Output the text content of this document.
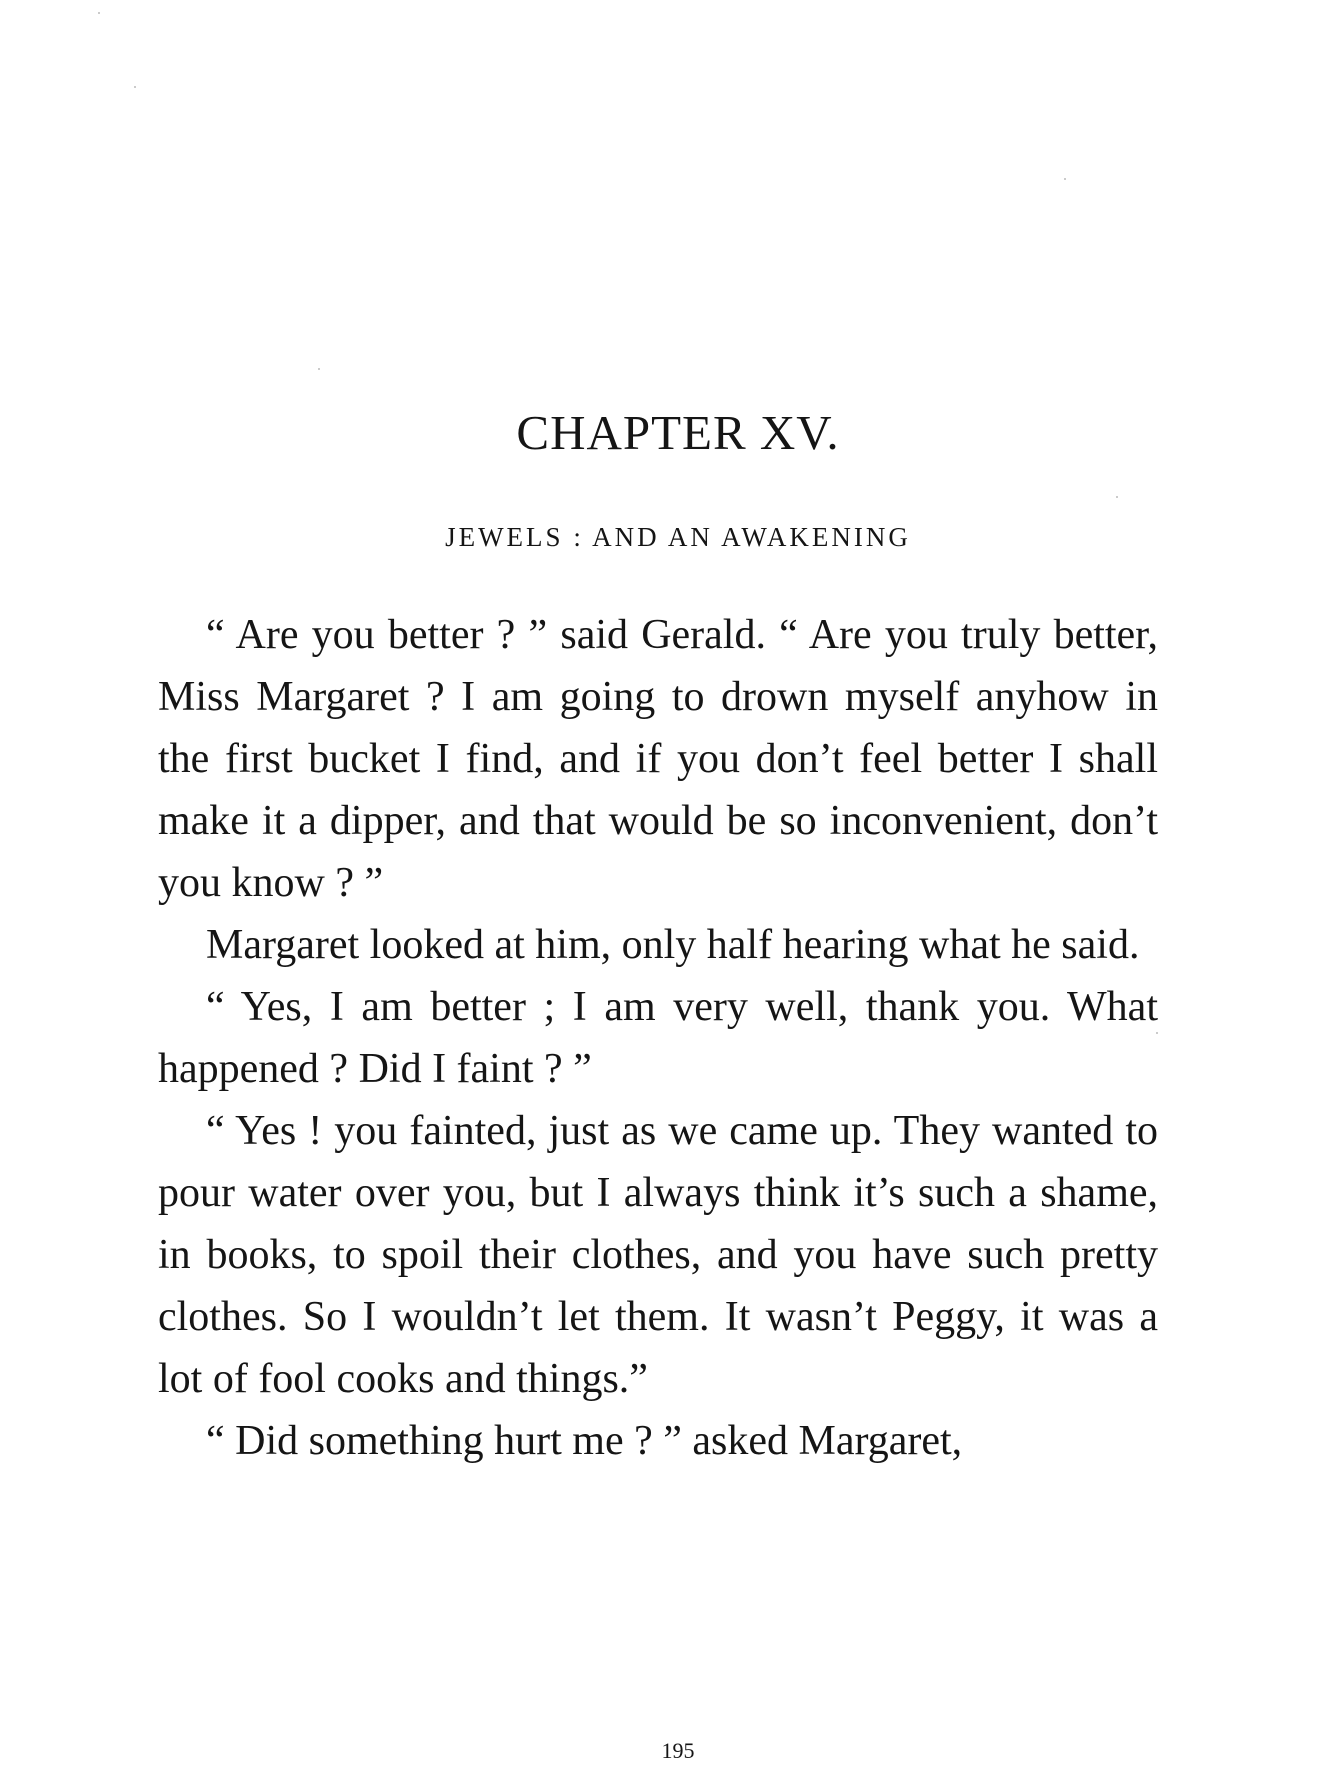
CHAPTER XV.
JEWELS : AND AN AWAKENING

“ Are you better ? ” said Gerald. “ Are you truly better, Miss Margaret ? I am going to drown myself anyhow in the first bucket I find, and if you don’t feel better I shall make it a dipper, and that would be so inconvenient, don’t you know ? ”

Margaret looked at him, only half hearing what he said.

“ Yes, I am better ; I am very well, thank you. What happened ? Did I faint ? ”

“ Yes ! you fainted, just as we came up. They wanted to pour water over you, but I always think it’s such a shame, in books, to spoil their clothes, and you have such pretty clothes. So I wouldn’t let them. It wasn’t Peggy, it was a lot of fool cooks and things.”

“ Did something hurt me ? ” asked Margaret,

195
